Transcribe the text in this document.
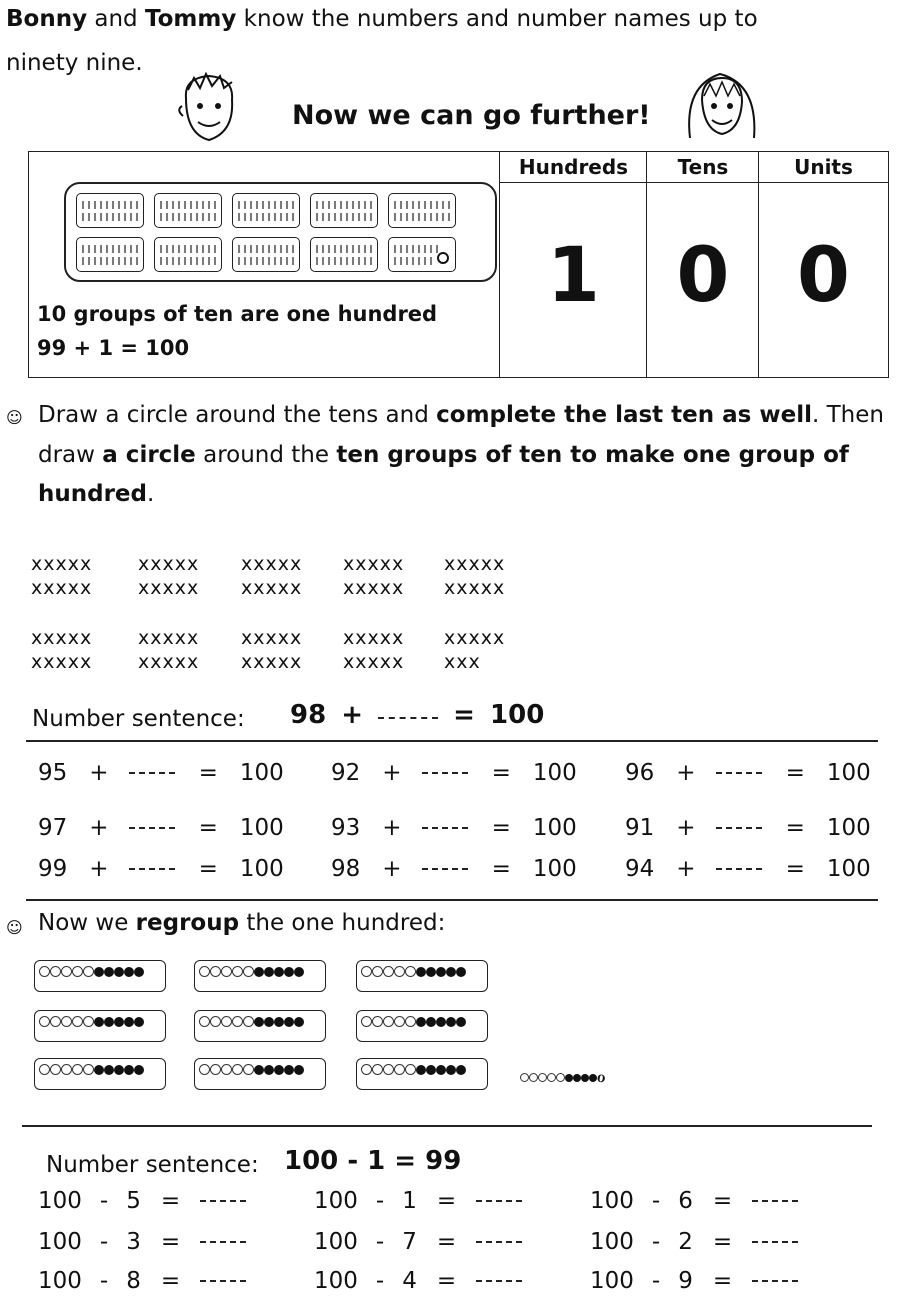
Bonny and Tommy know the numbers and number names up to
ninety nine.
Now we can go further!
10 groups of ten are one hundred
99 + 1 = 100
Hundreds
1
Tens
0
Units
0
☺ Draw a circle around the tens and complete the last ten as well. Then
draw a circle around the ten groups of ten to make one group of
hundred.
xxxxx xxxxx xxxxx xxxxx xxxxx
xxxxx xxxxx xxxxx xxxxx xxxxx
xxxxx xxxxx xxxxx xxxxx xxxxx
xxxxx xxxxx xxxxx xxxxx xxx
Number sentence: 98 +	= 100
95 +	= 100 92 +	= 100 96 +	= 100
97 +	= 100 93 +	= 100 91 +	= 100
99 +	= 100 98 +	= 100 94 +	= 100
☺ Now we regroup the one hundred:
ℴ
Number sentence: 100 - 1 = 99
100 - 5 =	100 - 1 =	100 - 6 =
100 - 3 =	100 - 7 =	100 - 2 =
100 - 8 =	100 - 4 =	100 - 9 =
